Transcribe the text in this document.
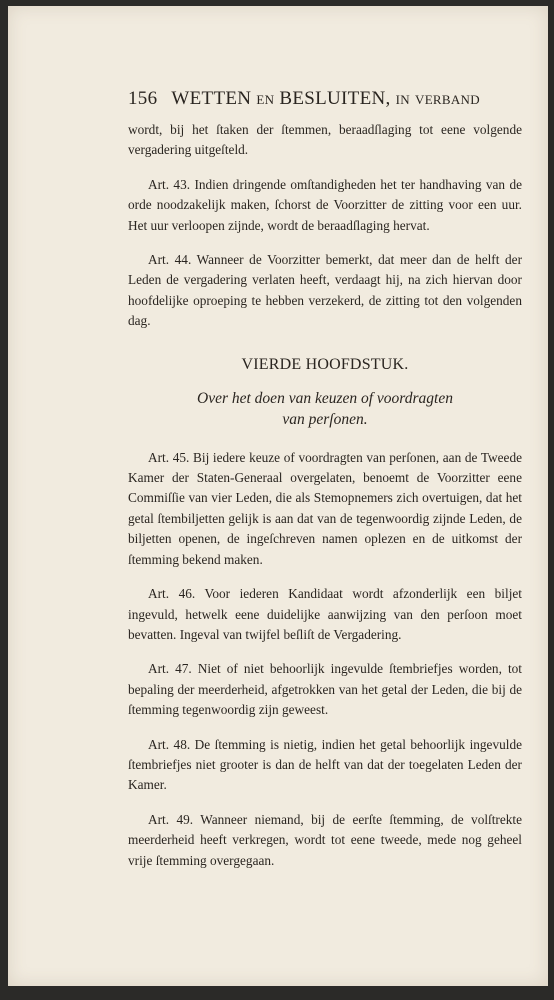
156 WETTEN
EN
BESLUITEN,
IN
VERBAND

wordt, bij het ſtaken der ſtemmen, beraadſlaging tot eene volgende vergadering uitgeſteld.

Art. 43. Indien dringende omſtandigheden het ter handhaving van de orde noodzakelijk maken, ſchorst de Voorzitter de zitting voor een uur. Het uur verloopen zijnde, wordt de beraadſlaging hervat.

Art. 44. Wanneer de Voorzitter bemerkt, dat meer dan de helft der Leden de vergadering verlaten heeft, verdaagt hij, na zich hiervan door hoofdelijke oproeping te hebben verzekerd, de zitting tot den volgenden dag.

VIERDE HOOFDSTUK.
Over het doen van keuzen of voordragten
van perſonen.

Art. 45. Bij iedere keuze of voordragten van perſonen, aan de Tweede Kamer der Staten-Generaal overgelaten, benoemt de Voorzitter eene Commiſſie van vier Leden, die als Stemopnemers zich overtuigen, dat het getal ſtembiljetten gelijk is aan dat van de tegenwoordig zijnde Leden, de biljetten openen, de ingeſchreven namen oplezen en de uitkomst der ſtemming bekend maken.

Art. 46. Voor iederen Kandidaat wordt afzonderlijk een biljet ingevuld, hetwelk eene duidelijke aanwijzing van den perſoon moet bevatten. Ingeval van twijfel beſliſt de Vergadering.

Art. 47. Niet of niet behoorlijk ingevulde ſtembriefjes worden, tot bepaling der meerderheid, afgetrokken van het getal der Leden, die bij de ſtemming tegenwoordig zijn geweest.

Art. 48. De ſtemming is nietig, indien het getal behoorlijk ingevulde ſtembriefjes niet grooter is dan de helft van dat der toegelaten Leden der Kamer.

Art. 49. Wanneer niemand, bij de eerſte ſtemming, de volſtrekte meerderheid heeft verkregen, wordt tot eene tweede, mede nog geheel vrije ſtemming overgegaan.
